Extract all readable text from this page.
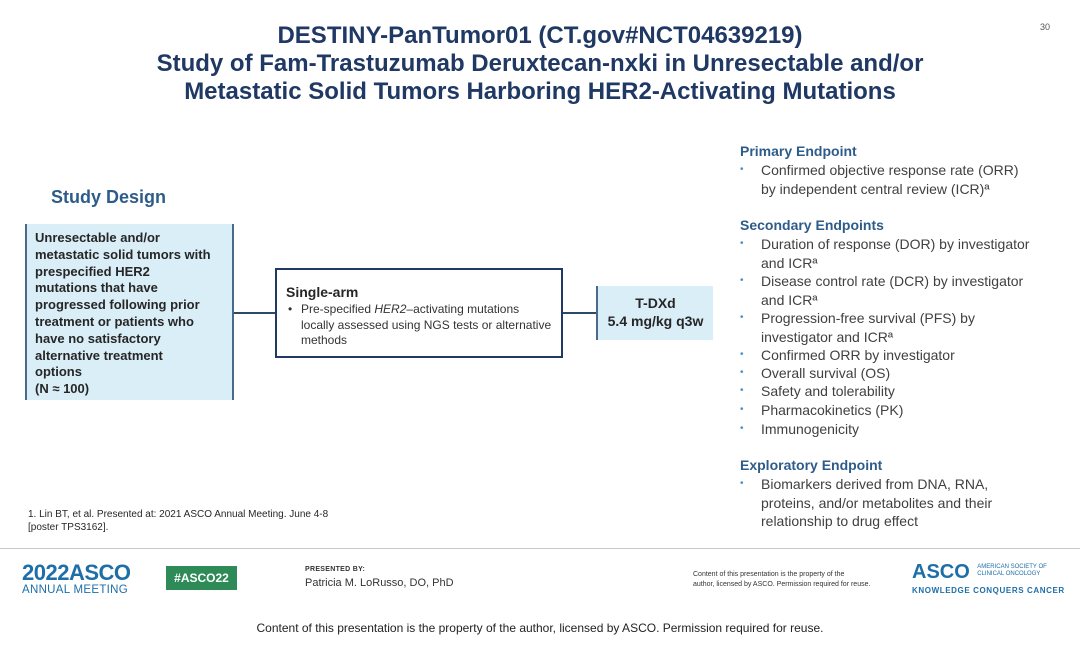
30
DESTINY-PanTumor01 (CT.gov#NCT04639219)
Study of Fam-Trastuzumab Deruxtecan-nxki in Unresectable and/or
Metastatic Solid Tumors Harboring HER2-Activating Mutations
Study Design
Unresectable and/or
metastatic solid tumors with
prespecified HER2
mutations that have
progressed following prior
treatment or patients who
have no satisfactory
alternative treatment
options
(N ≈ 100)
Single-arm
• Pre-specified HER2–activating mutations locally assessed using NGS tests or alternative methods
T-DXd
5.4 mg/kg q3w
Primary Endpoint
• Confirmed objective response rate (ORR)
by independent central review (ICR)ª
Secondary Endpoints
• Duration of response (DOR) by investigator
and ICRª
• Disease control rate (DCR) by investigator
and ICRª
• Progression-free survival (PFS) by
investigator and ICRª
• Confirmed ORR by investigator
• Overall survival (OS)
• Safety and tolerability
• Pharmacokinetics (PK)
• Immunogenicity
Exploratory Endpoint
• Biomarkers derived from DNA, RNA,
proteins, and/or metabolites and their
relationship to drug effect
1. Lin BT, et al. Presented at: 2021 ASCO Annual Meeting. June 4-8
[poster TPS3162].
2022ASCO
ANNUAL MEETING
#ASCO22
PRESENTED BY:
Patricia M. LoRusso, DO, PhD
Content of this presentation is the property of the
author, licensed by ASCO. Permission required for reuse.
ASCO AMERICAN SOCIETY OF
CLINICAL ONCOLOGY
KNOWLEDGE CONQUERS CANCER
Content of this presentation is the property of the author, licensed by ASCO. Permission required for reuse.
